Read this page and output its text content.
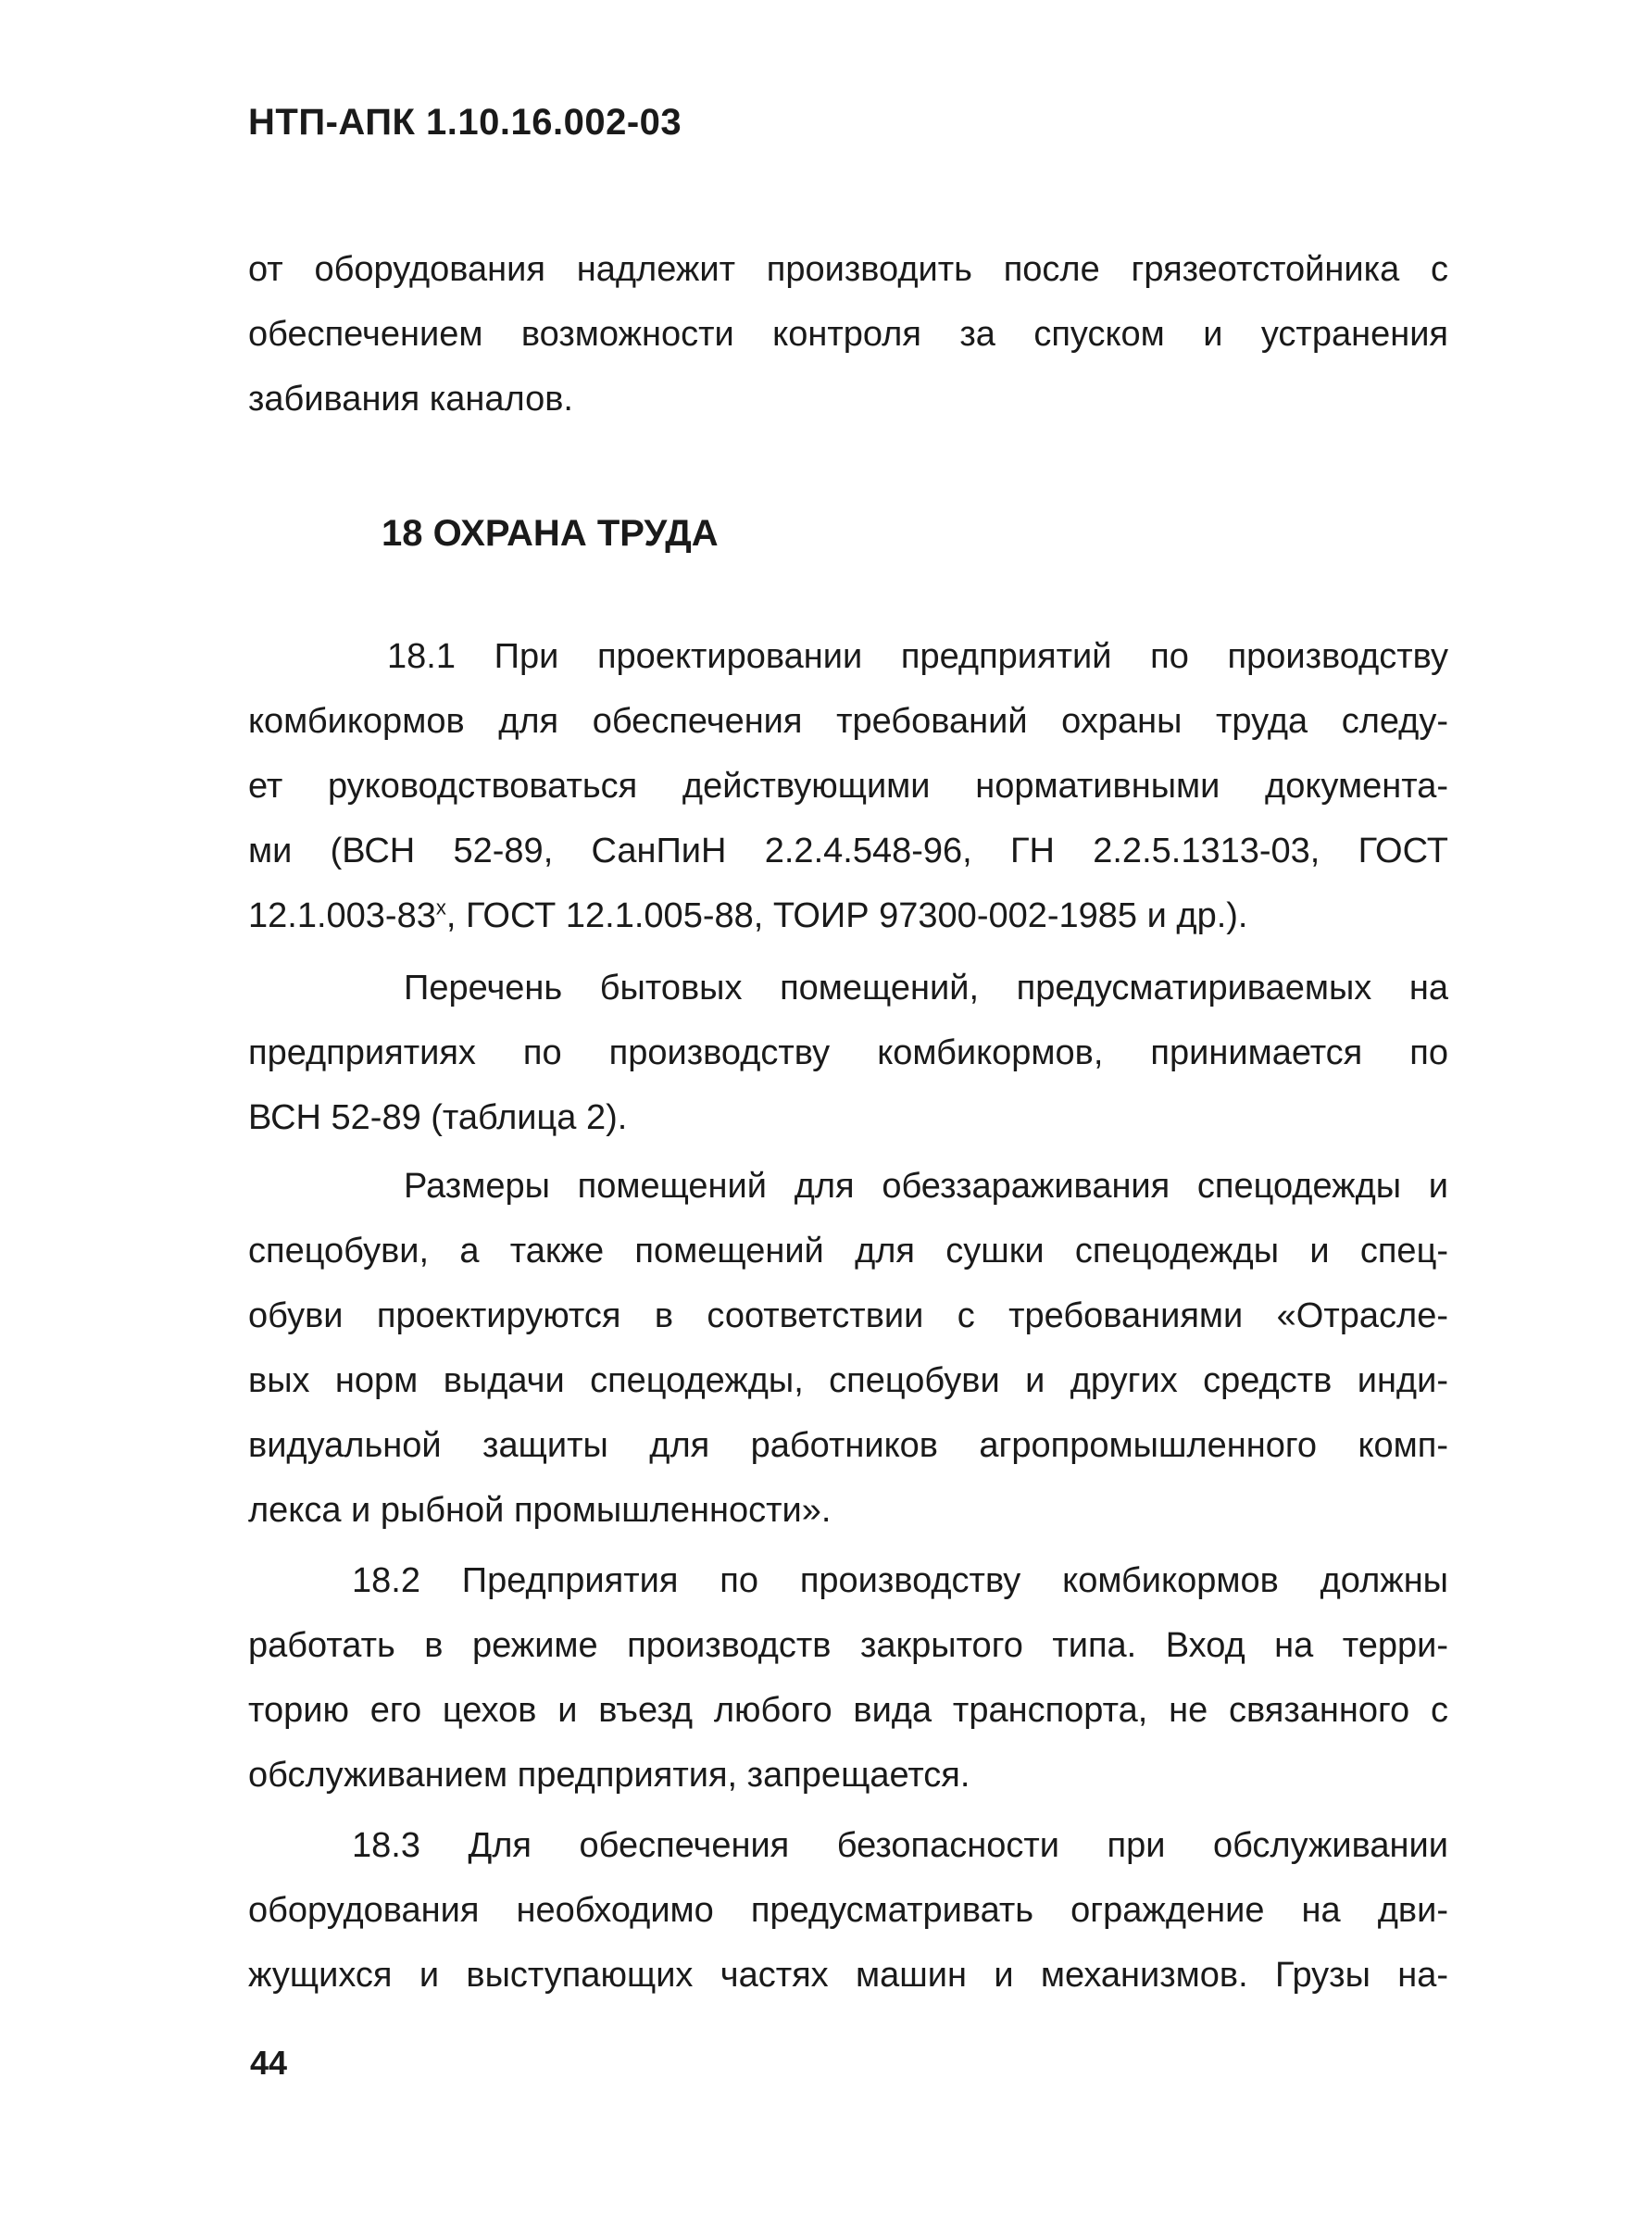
НТП-АПК 1.10.16.002-03
от оборудования надлежит производить после грязеотстойника с
обеспечением возможности контроля за спуском и устранения
забивания каналов.
18 ОХРАНА ТРУДА
18.1 При проектировании предприятий по производству
комбикормов для обеспечения требований охраны труда следу-
ет руководствоваться действующими нормативными документа-
ми (ВСН 52-89, СанПиН 2.2.4.548-96, ГН 2.2.5.1313-03, ГОСТ
$12.1.003-83^х$, ГОСТ 12.1.005-88, ТОИР 97300-002-1985 и др.).
Перечень бытовых помещений, предусматириваемых на
предприятиях по производству комбикормов, принимается по
ВСН 52-89 (таблица 2).
Размеры помещений для обеззараживания спецодежды и
спецобуви, а также помещений для сушки спецодежды и спец-
обуви проектируются в соответствии с требованиями «Отрасле-
вых норм выдачи спецодежды, спецобуви и других средств инди-
видуальной защиты для работников агропромышленного комп-
лекса и рыбной промышленности».
18.2 Предприятия по производству комбикормов должны
работать в режиме производств закрытого типа. Вход на терри-
торию его цехов и въезд любого вида транспорта, не связанного с
обслуживанием предприятия, запрещается.
18.3 Для обеспечения безопасности при обслуживании
оборудования необходимо предусматривать ограждение на дви-
жущихся и выступающих частях машин и механизмов. Грузы на-
44
